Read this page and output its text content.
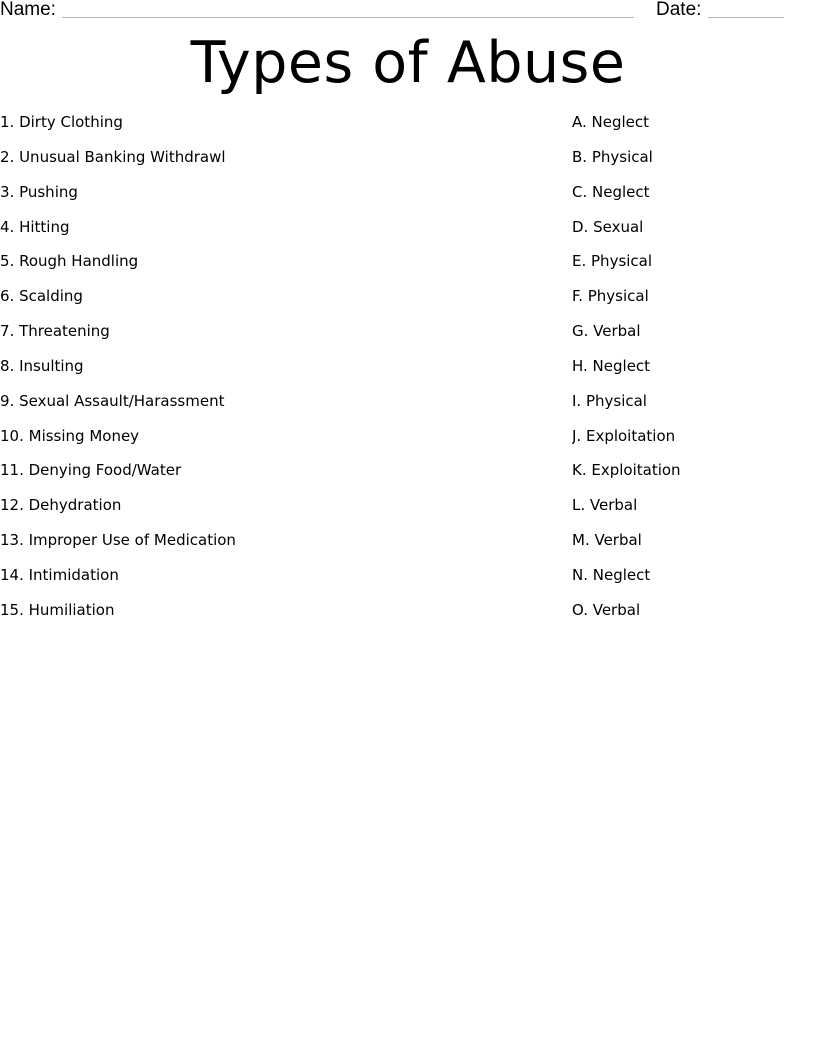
Name:	Date:
Types of Abuse
1. Dirty Clothing
2. Unusual Banking Withdrawl
3. Pushing
4. Hitting
5. Rough Handling
6. Scalding
7. Threatening
8. Insulting
9. Sexual Assault/Harassment
10. Missing Money
11. Denying Food/Water
12. Dehydration
13. Improper Use of Medication
14. Intimidation
15. Humiliation
A. Neglect
B. Physical
C. Neglect
D. Sexual
E. Physical
F. Physical
G. Verbal
H. Neglect
I. Physical
J. Exploitation
K. Exploitation
L. Verbal
M. Verbal
N. Neglect
O. Verbal
